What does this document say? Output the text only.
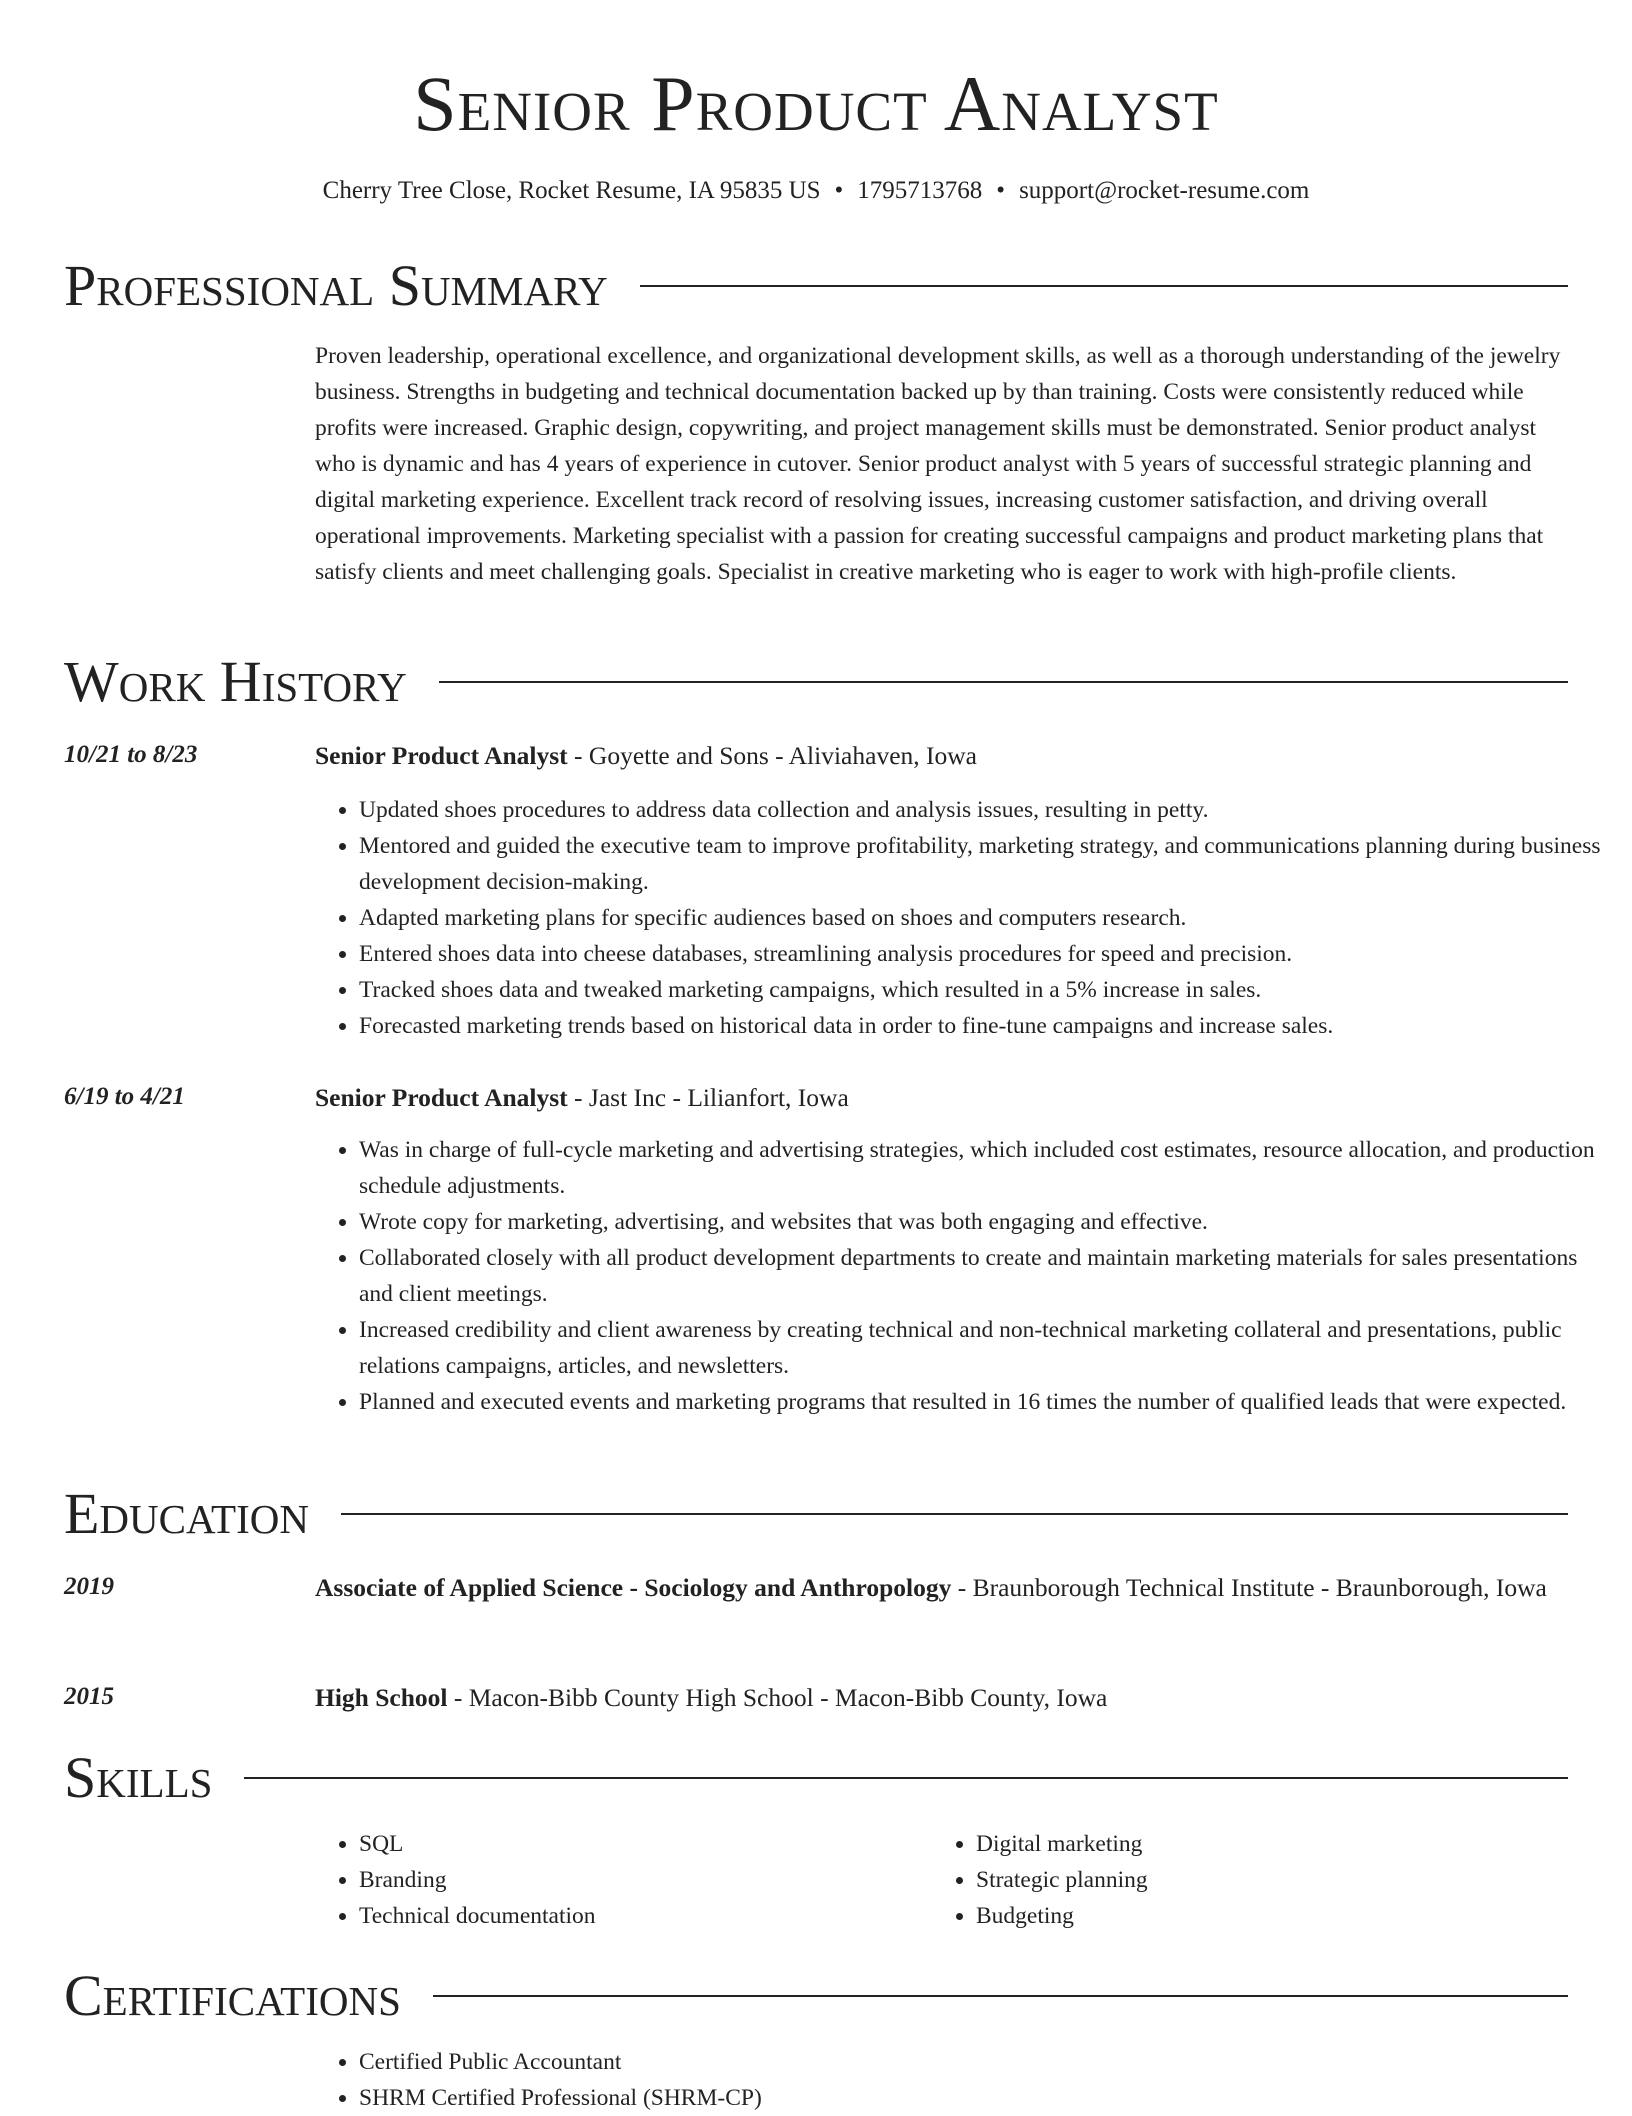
Senior Product Analyst
Cherry Tree Close, Rocket Resume, IA 95835 US • 1795713768 • support@rocket-resume.com
Professional Summary
Proven leadership, operational excellence, and organizational development skills, as well as a thorough understanding of the jewelry business. Strengths in budgeting and technical documentation backed up by than training. Costs were consistently reduced while profits were increased. Graphic design, copywriting, and project management skills must be demonstrated. Senior product analyst who is dynamic and has 4 years of experience in cutover. Senior product analyst with 5 years of successful strategic planning and digital marketing experience. Excellent track record of resolving issues, increasing customer satisfaction, and driving overall operational improvements. Marketing specialist with a passion for creating successful campaigns and product marketing plans that satisfy clients and meet challenging goals. Specialist in creative marketing who is eager to work with high-profile clients.
Work History
10/21 to 8/23	Senior Product Analyst - Goyette and Sons - Aliviahaven, Iowa
• Updated shoes procedures to address data collection and analysis issues, resulting in petty.
• Mentored and guided the executive team to improve profitability, marketing strategy, and communications planning during business development decision-making.
• Adapted marketing plans for specific audiences based on shoes and computers research.
• Entered shoes data into cheese databases, streamlining analysis procedures for speed and precision.
• Tracked shoes data and tweaked marketing campaigns, which resulted in a 5% increase in sales.
• Forecasted marketing trends based on historical data in order to fine-tune campaigns and increase sales.
6/19 to 4/21	Senior Product Analyst - Jast Inc - Lilianfort, Iowa
• Was in charge of full-cycle marketing and advertising strategies, which included cost estimates, resource allocation, and production schedule adjustments.
• Wrote copy for marketing, advertising, and websites that was both engaging and effective.
• Collaborated closely with all product development departments to create and maintain marketing materials for sales presentations and client meetings.
• Increased credibility and client awareness by creating technical and non-technical marketing collateral and presentations, public relations campaigns, articles, and newsletters.
• Planned and executed events and marketing programs that resulted in 16 times the number of qualified leads that were expected.
Education
2019	Associate of Applied Science - Sociology and Anthropology - Braunborough Technical Institute - Braunborough, Iowa
2015	High School - Macon-Bibb County High School - Macon-Bibb County, Iowa
Skills
• SQL
• Branding
• Technical documentation
• Digital marketing
• Strategic planning
• Budgeting
Certifications
• Certified Public Accountant
• SHRM Certified Professional (SHRM-CP)
